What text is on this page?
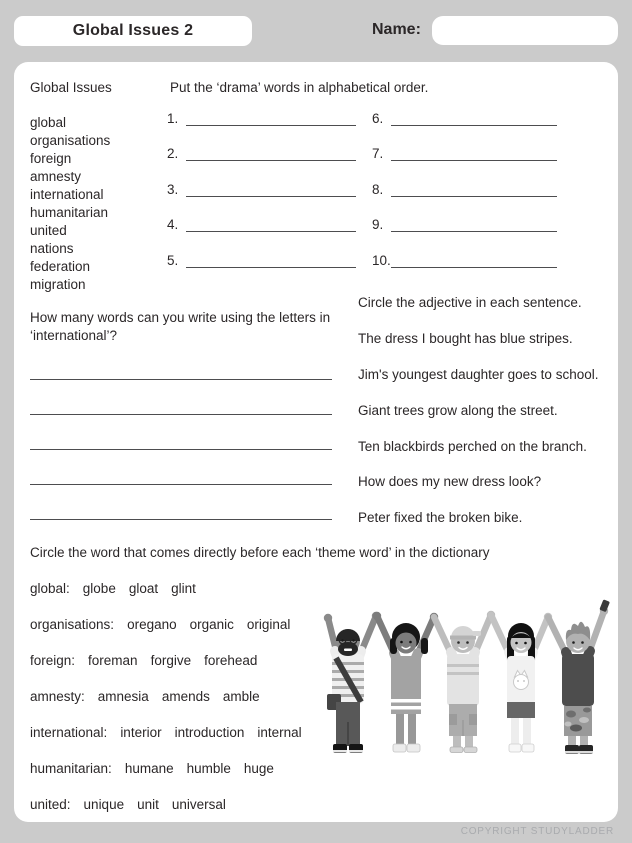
Global Issues 2	Name:
Global Issues
global
organisations
foreign
amnesty
international
humanitarian
united
nations
federation
migration
Put the ‘drama’ words in alphabetical order.
1.
2.
3.
4.
5.
6.
7.
8.
9.
10.
How many words can you write using the letters in ‘international’?
Circle the adjective in each sentence.
The dress I bought has blue stripes.
Jim's youngest daughter goes to school.
Giant trees grow along the street.
Ten blackbirds perched on the branch.
How does my new dress look?
Peter fixed the broken bike.
Circle the word that comes directly before each ‘theme word’ in the dictionary
global: globe gloat glint
organisations: oregano organic original
foreign: foreman forgive forehead
amnesty: amnesia amends amble
international: interior introduction internal
humanitarian: humane humble huge
united: unique unit universal
COPYRIGHT STUDYLADDER
